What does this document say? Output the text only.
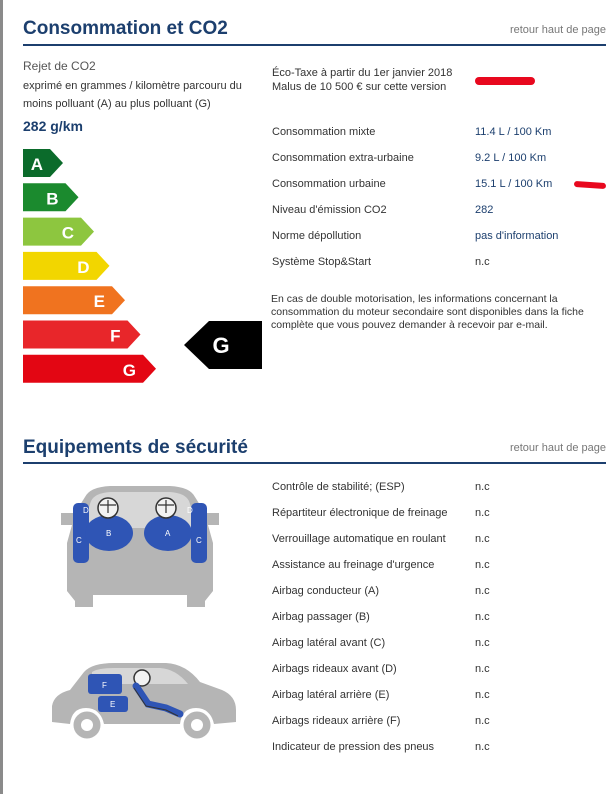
Consommation et CO2	retour haut de page
Rejet de CO2
exprimé en grammes / kilomètre parcouru du moins polluant (A) au plus polluant (G)
282 g/km
A
B
C
D
E
F
G
G
Éco-Taxe à partir du 1er janvier 2018
Malus de 10 500 € sur cette version
Consommation mixte	11.4 L / 100 Km
Consommation extra-urbaine	9.2 L / 100 Km
Consommation urbaine	15.1 L / 100 Km
Niveau d'émission CO2	282
Norme dépollution	pas d'information
Système Stop&Start	n.c
En cas de double motorisation, les informations concernant la consommation du moteur secondaire sont disponibles dans la fiche complète que vous pouvez demander à recevoir par e-mail.
Equipements de sécurité	retour haut de page
Contrôle de stabilité; (ESP)	n.c
Répartiteur électronique de freinage n.c
Verrouillage automatique en roulant	n.c
Assistance au freinage d'urgence	n.c
Airbag conducteur (A)	n.c
Airbag passager (B)	n.c
Airbag latéral avant (C)	n.c
Airbags rideaux avant (D)	n.c
Airbag latéral arrière (E)	n.c
Airbags rideaux arrière (F)	n.c
Indicateur de pression des pneus	n.c
D	D
C
B	A
C
F
E
